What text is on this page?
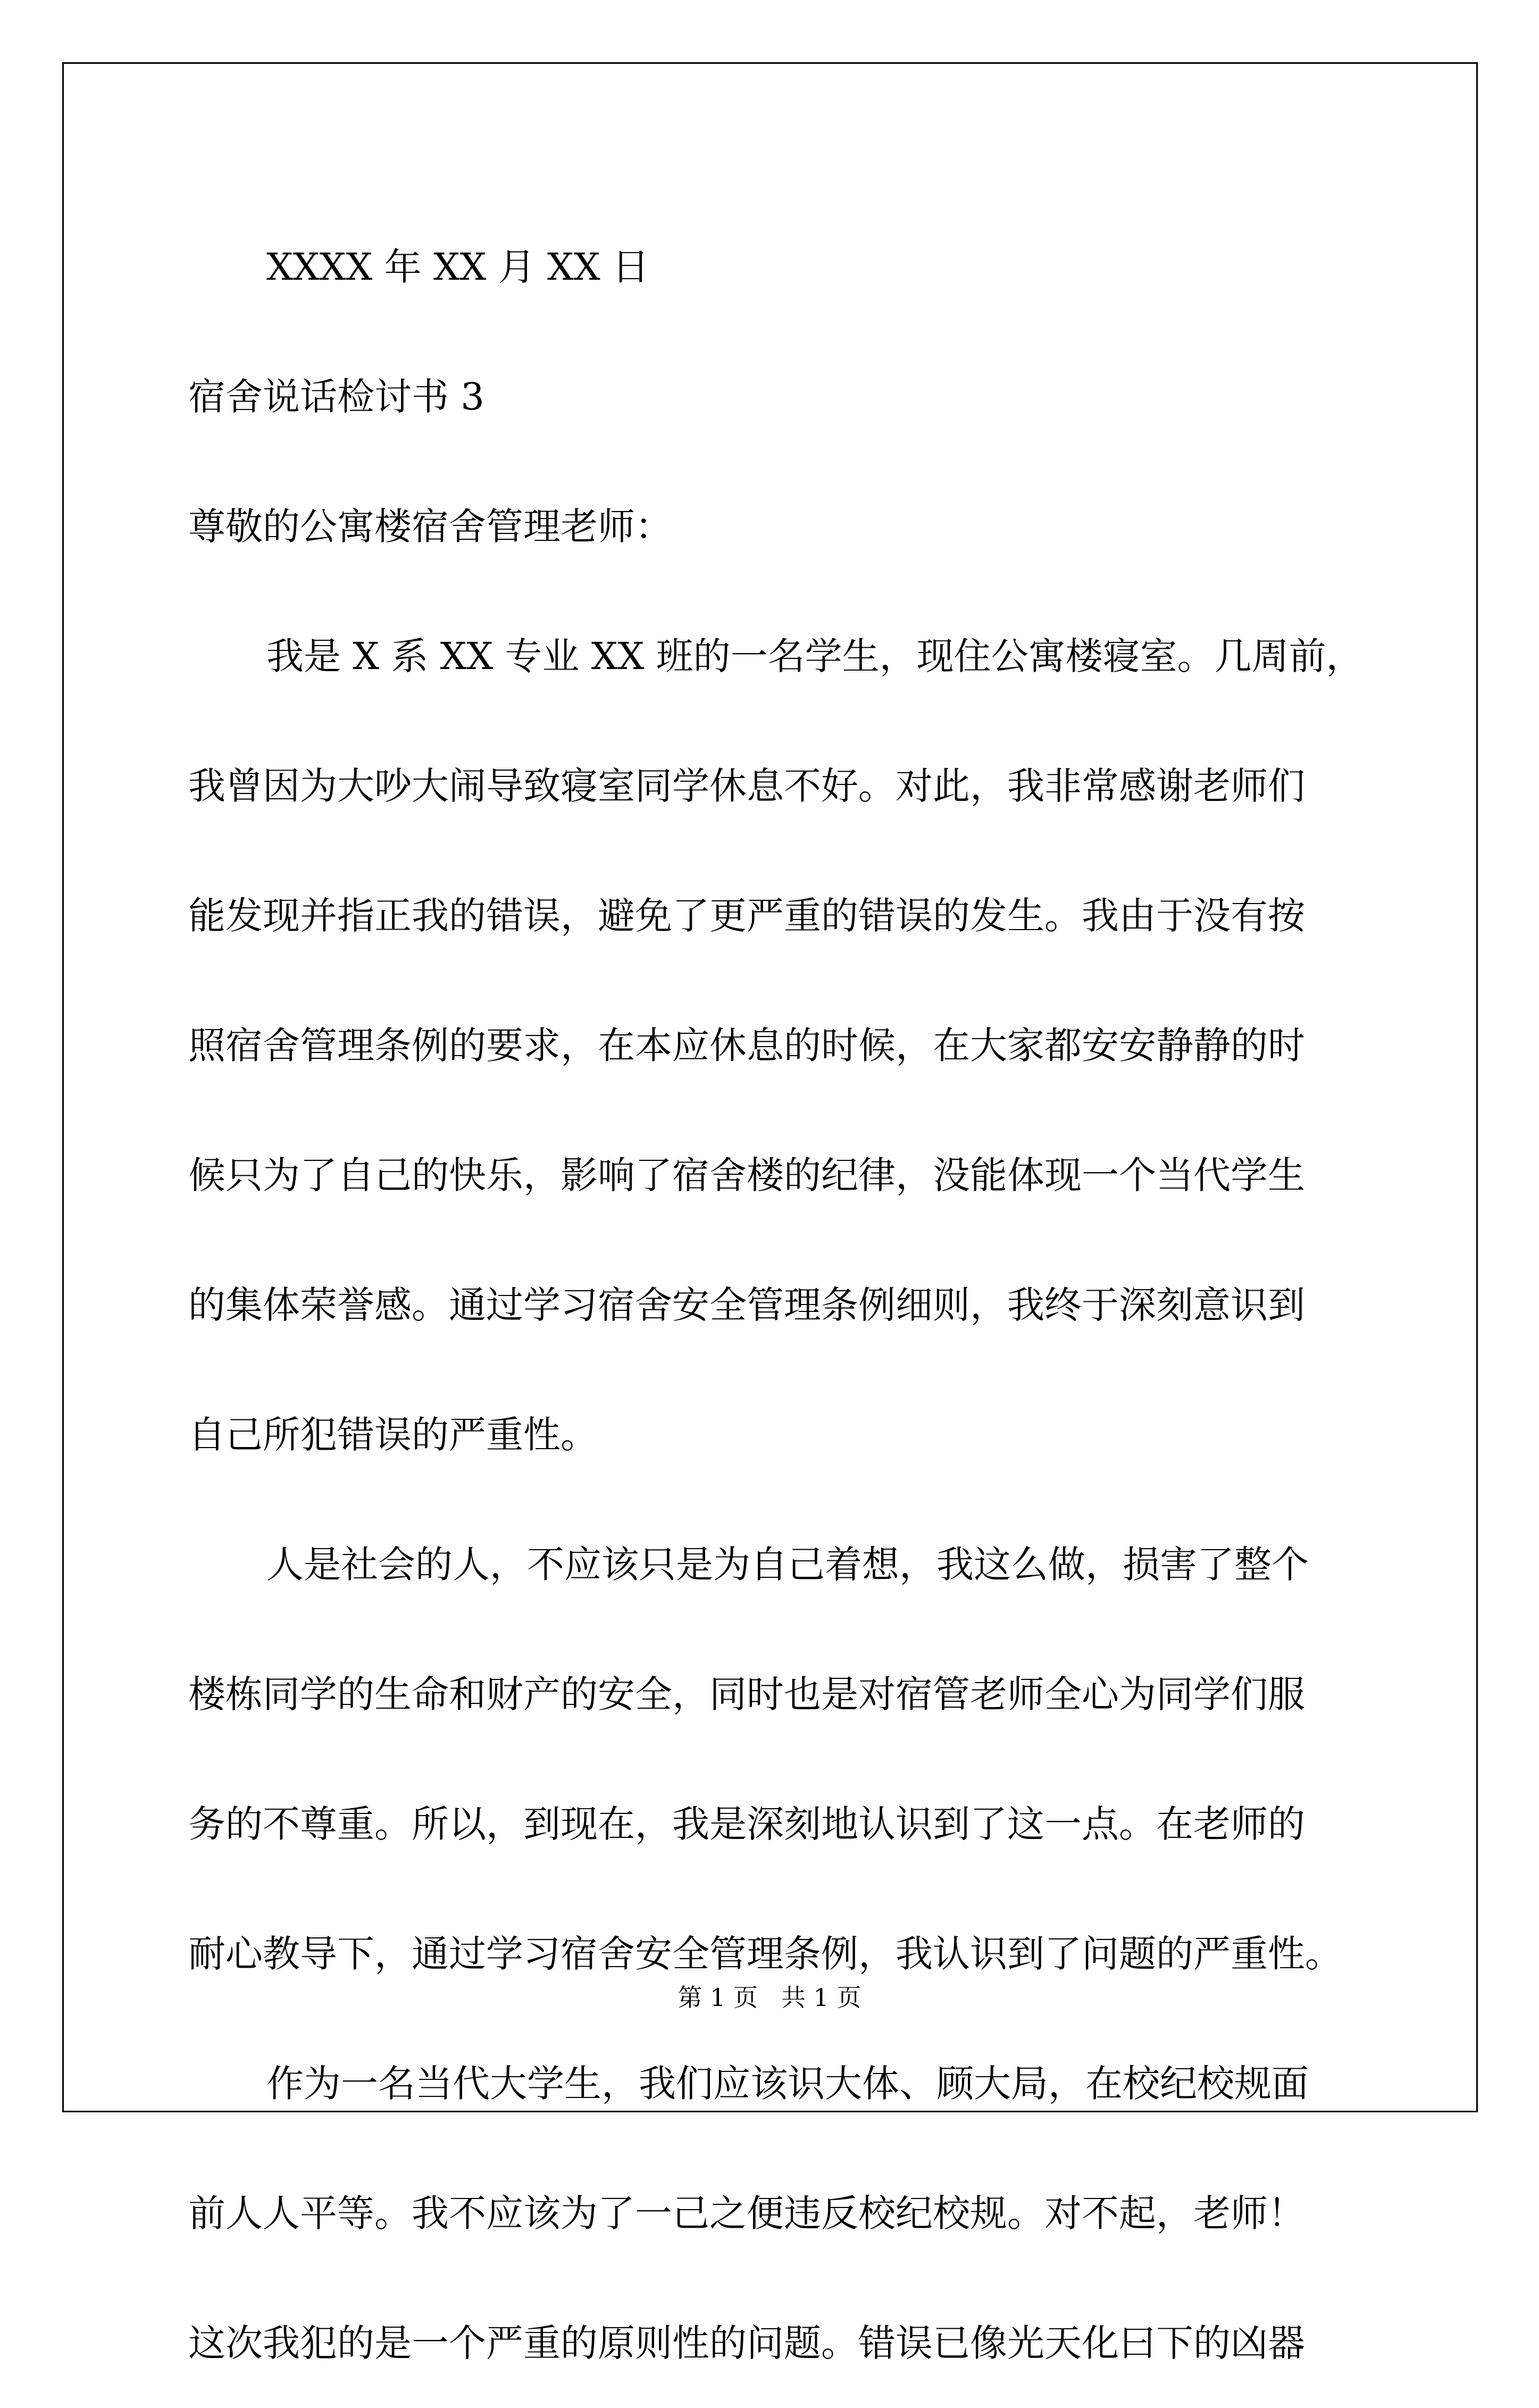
XXXX 年 XX 月 XX 日
宿舍说话检讨书 3
尊敬的公寓楼宿舍管理老师：
我是 X 系 XX 专业 XX 班的一名学生，现住公寓楼寝室。几周前，
我曾因为大吵大闹导致寝室同学休息不好。对此，我非常感谢老师们
能发现并指正我的错误，避免了更严重的错误的发生。我由于没有按
照宿舍管理条例的要求，在本应休息的时候，在大家都安安静静的时
候只为了自己的快乐，影响了宿舍楼的纪律，没能体现一个当代学生
的集体荣誉感。通过学习宿舍安全管理条例细则，我终于深刻意识到
自己所犯错误的严重性。
人是社会的人，不应该只是为自己着想，我这么做，损害了整个
楼栋同学的生命和财产的安全，同时也是对宿管老师全心为同学们服
务的不尊重。所以，到现在，我是深刻地认识到了这一点。在老师的
耐心教导下，通过学习宿舍安全管理条例，我认识到了问题的严重性。
作为一名当代大学生，我们应该识大体、顾大局，在校纪校规面
前人人平等。我不应该为了一己之便违反校纪校规。对不起，老师！
这次我犯的是一个严重的原则性的问题。错误已像光天化曰下的凶器
第 1 页   共 1 页
